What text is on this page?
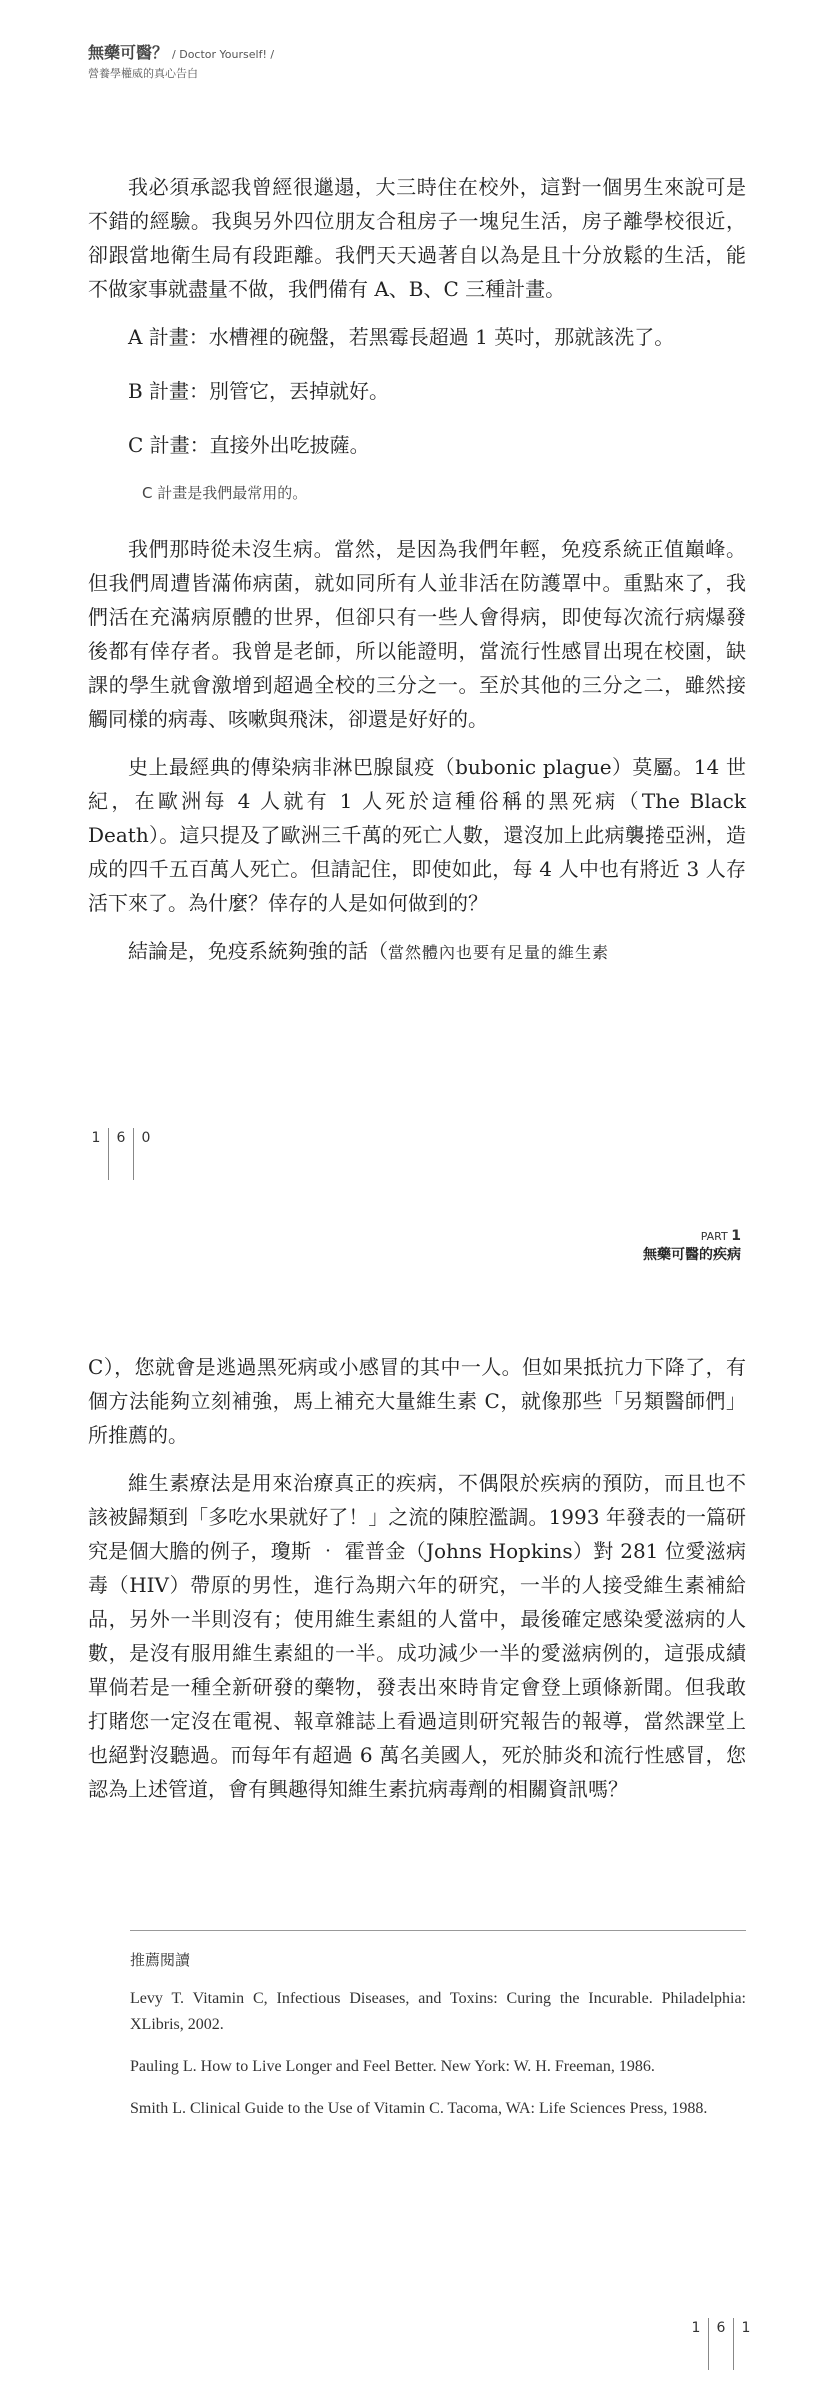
無藥可醫？ / Doctor Yourself! /
營養學權威的真心告白

我必須承認我曾經很邋遢，大三時住在校外，這對一個男生來說可是不錯的經驗。我與另外四位朋友合租房子一塊兒生活，房子離學校很近，卻跟當地衛生局有段距離。我們天天過著自以為是且十分放鬆的生活，能不做家事就盡量不做，我們備有 A、B、C 三種計畫。

A 計畫：水槽裡的碗盤，若黑霉長超過 1 英吋，那就該洗了。

B 計畫：別管它，丟掉就好。

C 計畫：直接外出吃披薩。

C 計畫是我們最常用的。

我們那時從未沒生病。當然，是因為我們年輕，免疫系統正值巔峰。但我們周遭皆滿佈病菌，就如同所有人並非活在防護罩中。重點來了，我們活在充滿病原體的世界，但卻只有一些人會得病，即使每次流行病爆發後都有倖存者。我曾是老師，所以能證明，當流行性感冒出現在校園，缺課的學生就會激增到超過全校的三分之一。至於其他的三分之二，雖然接觸同樣的病毒、咳嗽與飛沫，卻還是好好的。

史上最經典的傳染病非淋巴腺鼠疫（bubonic plague）莫屬。14 世紀，在歐洲每 4 人就有 1 人死於這種俗稱的黑死病（The Black Death）。這只提及了歐洲三千萬的死亡人數，還沒加上此病襲捲亞洲，造成的四千五百萬人死亡。但請記住，即使如此，每 4 人中也有將近 3 人存活下來了。為什麼？倖存的人是如何做到的？

結論是，免疫系統夠強的話（當然體內也要有足量的維生素

1	6	0
PART 1
無藥可醫的疾病

C），您就會是逃過黑死病或小感冒的其中一人。但如果抵抗力下降了，有個方法能夠立刻補強，馬上補充大量維生素 C，就像那些「另類醫師們」所推薦的。

維生素療法是用來治療真正的疾病，不偶限於疾病的預防，而且也不該被歸類到「多吃水果就好了！」之流的陳腔濫調。1993 年發表的一篇研究是個大膽的例子，瓊斯 ‧ 霍普金（Johns Hopkins）對 281 位愛滋病毒（HIV）帶原的男性，進行為期六年的研究，一半的人接受維生素補給品，另外一半則沒有；使用維生素組的人當中，最後確定感染愛滋病的人數，是沒有服用維生素組的一半。成功減少一半的愛滋病例的，這張成績單倘若是一種全新研發的藥物，發表出來時肯定會登上頭條新聞。但我敢打賭您一定沒在電視、報章雜誌上看過這則研究報告的報導，當然課堂上也絕對沒聽過。而每年有超過 6 萬名美國人，死於肺炎和流行性感冒，您認為上述管道，會有興趣得知維生素抗病毒劑的相關資訊嗎？

推薦閱讀

Levy T. Vitamin C, Infectious Diseases, and Toxins: Curing the Incurable. Philadelphia: XLibris, 2002.

Pauling L. How to Live Longer and Feel Better. New York: W. H. Freeman, 1986.

Smith L. Clinical Guide to the Use of Vitamin C. Tacoma, WA: Life Sciences Press, 1988.

1	6	1
